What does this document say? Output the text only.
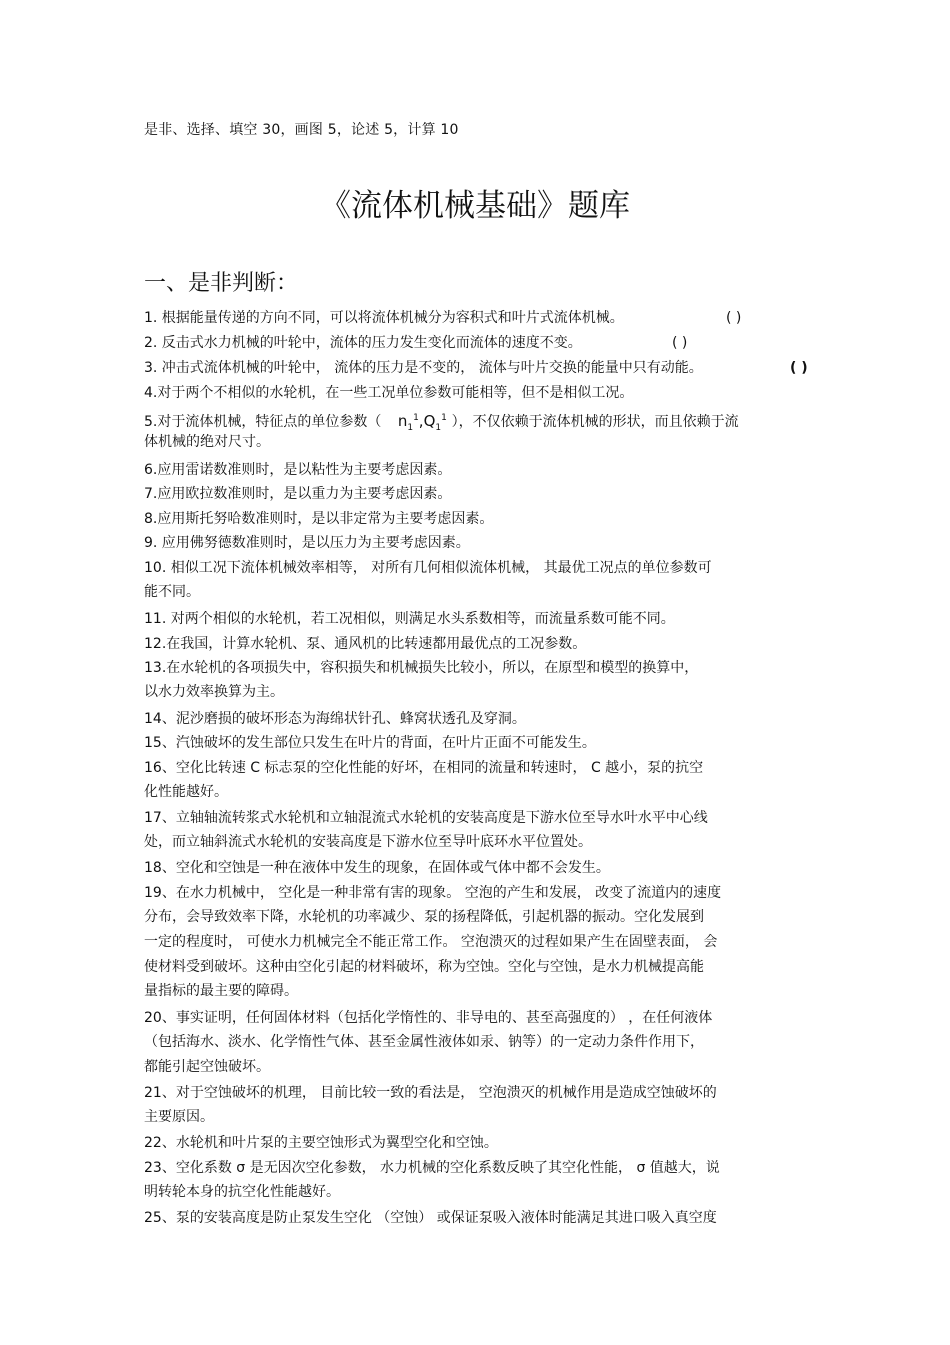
是非、选择、填空 30，画图 5，论述 5，计算 10
《流体机械基础》题库
一、是非判断：
1. 根据能量传递的方向不同，可以将流体机械分为容积式和叶片式流体机械。	( )
2. 反击式水力机械的叶轮中，流体的压力发生变化而流体的速度不变。	( )
3. 冲击式流体机械的叶轮中， 流体的压力是不变的， 流体与叶片交换的能量中只有动能。	( )
4.对于两个不相似的水轮机，在一些工况单位参数可能相等，但不是相似工况。
5.对于流体机械，特征点的单位参数（ $n_1^1,Q_1^1$ ），不仅依赖于流体机械的形状，而且依赖于流
体机械的绝对尺寸。
6.应用雷诺数准则时，是以粘性为主要考虑因素。
7.应用欧拉数准则时，是以重力为主要考虑因素。
8.应用斯托努哈数准则时，是以非定常为主要考虑因素。
9. 应用佛努德数准则时，是以压力为主要考虑因素。
10. 相似工况下流体机械效率相等， 对所有几何相似流体机械， 其最优工况点的单位参数可
能不同。
11. 对两个相似的水轮机，若工况相似，则满足水头系数相等，而流量系数可能不同。
12.在我国，计算水轮机、泵、通风机的比转速都用最优点的工况参数。
13.在水轮机的各项损失中，容积损失和机械损失比较小，所以，在原型和模型的换算中，
以水力效率换算为主。
14、泥沙磨损的破坏形态为海绵状针孔、蜂窝状透孔及穿洞。
15、汽蚀破坏的发生部位只发生在叶片的背面，在叶片正面不可能发生。
16、空化比转速 C 标志泵的空化性能的好坏，在相同的流量和转速时， C 越小，泵的抗空
化性能越好。
17、立轴轴流转浆式水轮机和立轴混流式水轮机的安装高度是下游水位至导水叶水平中心线
处，而立轴斜流式水轮机的安装高度是下游水位至导叶底环水平位置处。
18、空化和空蚀是一种在液体中发生的现象，在固体或气体中都不会发生。
19、在水力机械中， 空化是一种非常有害的现象。 空泡的产生和发展， 改变了流道内的速度
分布，会导致效率下降，水轮机的功率减少、泵的扬程降低，引起机器的振动。空化发展到
一定的程度时， 可使水力机械完全不能正常工作。 空泡溃灭的过程如果产生在固壁表面， 会
使材料受到破坏。这种由空化引起的材料破坏，称为空蚀。空化与空蚀，是水力机械提高能
量指标的最主要的障碍。
20、事实证明，任何固体材料（包括化学惰性的、非导电的、甚至高强度的） ，在任何液体
（包括海水、淡水、化学惰性气体、甚至金属性液体如汞、钠等）的一定动力条件作用下，
都能引起空蚀破坏。
21、对于空蚀破坏的机理， 目前比较一致的看法是， 空泡溃灭的机械作用是造成空蚀破坏的
主要原因。
22、水轮机和叶片泵的主要空蚀形式为翼型空化和空蚀。
23、空化系数 σ 是无因次空化参数， 水力机械的空化系数反映了其空化性能， σ 值越大，说
明转轮本身的抗空化性能越好。
25、泵的安装高度是防止泵发生空化 （空蚀） 或保证泵吸入液体时能满足其进口吸入真空度
